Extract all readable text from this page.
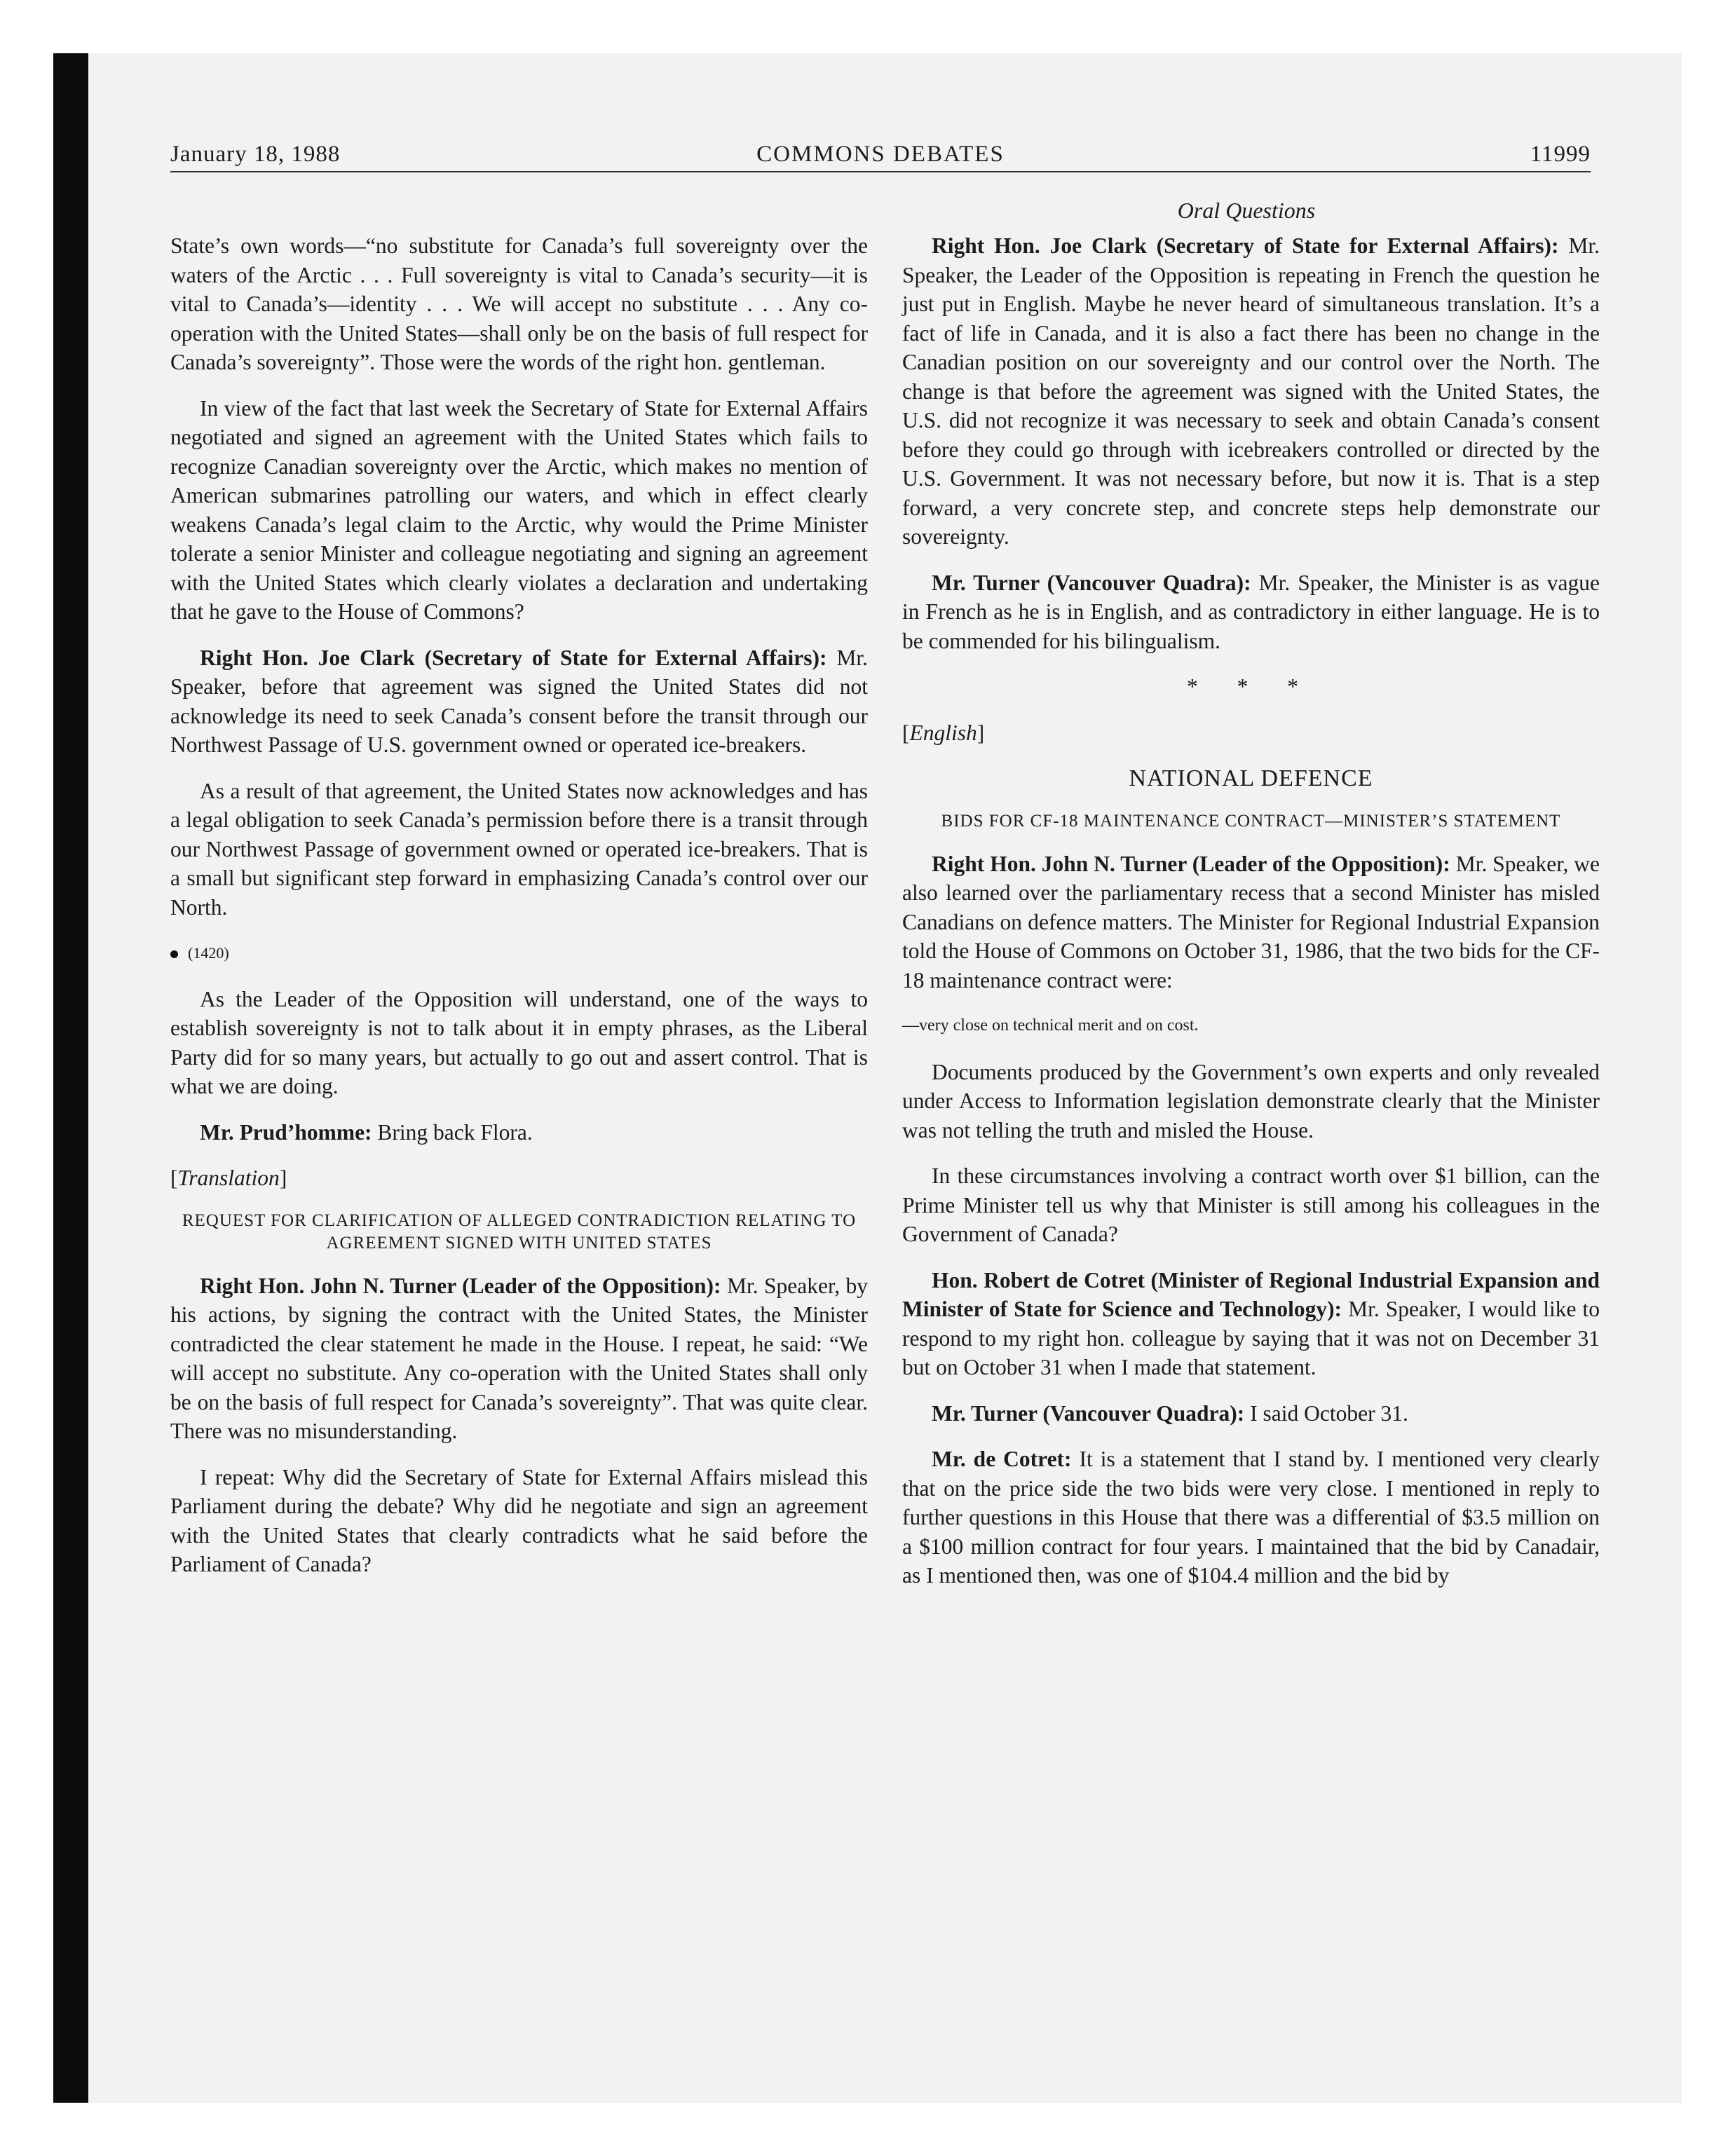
January 18, 1988	COMMONS DEBATES	11999
Oral Questions

State’s own words—“no substitute for Canada’s full sovereignty over the waters of the Arctic . . . Full sovereignty is vital to Canada’s security—it is vital to Canada’s—identity . . . We will accept no substitute . . . Any co-operation with the United States—shall only be on the basis of full respect for Canada’s sovereignty”. Those were the words of the right hon. gentleman.

In view of the fact that last week the Secretary of State for External Affairs negotiated and signed an agreement with the United States which fails to recognize Canadian sovereignty over the Arctic, which makes no mention of American submarines patrolling our waters, and which in effect clearly weakens Canada’s legal claim to the Arctic, why would the Prime Minister tolerate a senior Minister and colleague negotiating and signing an agreement with the United States which clearly violates a declaration and undertaking that he gave to the House of Commons?

Right Hon. Joe Clark (Secretary of State for External Affairs): Mr. Speaker, before that agreement was signed the United States did not acknowledge its need to seek Canada’s consent before the transit through our Northwest Passage of U.S. government owned or operated ice-breakers.

As a result of that agreement, the United States now acknowledges and has a legal obligation to seek Canada’s permission before there is a transit through our Northwest Passage of government owned or operated ice-breakers. That is a small but significant step forward in emphasizing Canada’s control over our North.

(1420)

As the Leader of the Opposition will understand, one of the ways to establish sovereignty is not to talk about it in empty phrases, as the Liberal Party did for so many years, but actually to go out and assert control. That is what we are doing.

Mr. Prud’homme: Bring back Flora.

[Translation]

REQUEST FOR CLARIFICATION OF ALLEGED CONTRADICTION RELATING TO AGREEMENT SIGNED WITH UNITED STATES

Right Hon. John N. Turner (Leader of the Opposition): Mr. Speaker, by his actions, by signing the contract with the United States, the Minister contradicted the clear statement he made in the House. I repeat, he said: “We will accept no substitute. Any co-operation with the United States shall only be on the basis of full respect for Canada’s sovereignty”. That was quite clear. There was no misunderstanding.

I repeat: Why did the Secretary of State for External Affairs mislead this Parliament during the debate? Why did he negotiate and sign an agreement with the United States that clearly contradicts what he said before the Parliament of Canada?

Right Hon. Joe Clark (Secretary of State for External Affairs): Mr. Speaker, the Leader of the Opposition is repeating in French the question he just put in English. Maybe he never heard of simultaneous translation. It’s a fact of life in Canada, and it is also a fact there has been no change in the Canadian position on our sovereignty and our control over the North. The change is that before the agreement was signed with the United States, the U.S. did not recognize it was necessary to seek and obtain Canada’s consent before they could go through with icebreakers controlled or directed by the U.S. Government. It was not necessary before, but now it is. That is a step forward, a very concrete step, and concrete steps help demonstrate our sovereignty.

Mr. Turner (Vancouver Quadra): Mr. Speaker, the Minister is as vague in French as he is in English, and as contradictory in either language. He is to be commended for his bilingualism.

* * *

[English]

NATIONAL DEFENCE

BIDS FOR CF-18 MAINTENANCE CONTRACT—MINISTER’S STATEMENT

Right Hon. John N. Turner (Leader of the Opposition): Mr. Speaker, we also learned over the parliamentary recess that a second Minister has misled Canadians on defence matters. The Minister for Regional Industrial Expansion told the House of Commons on October 31, 1986, that the two bids for the CF-18 maintenance contract were:

—very close on technical merit and on cost.

Documents produced by the Government’s own experts and only revealed under Access to Information legislation demonstrate clearly that the Minister was not telling the truth and misled the House.

In these circumstances involving a contract worth over $1 billion, can the Prime Minister tell us why that Minister is still among his colleagues in the Government of Canada?

Hon. Robert de Cotret (Minister of Regional Industrial Expansion and Minister of State for Science and Technology): Mr. Speaker, I would like to respond to my right hon. colleague by saying that it was not on December 31 but on October 31 when I made that statement.

Mr. Turner (Vancouver Quadra): I said October 31.

Mr. de Cotret: It is a statement that I stand by. I mentioned very clearly that on the price side the two bids were very close. I mentioned in reply to further questions in this House that there was a differential of $3.5 million on a $100 million contract for four years. I maintained that the bid by Canadair, as I mentioned then, was one of $104.4 million and the bid by
